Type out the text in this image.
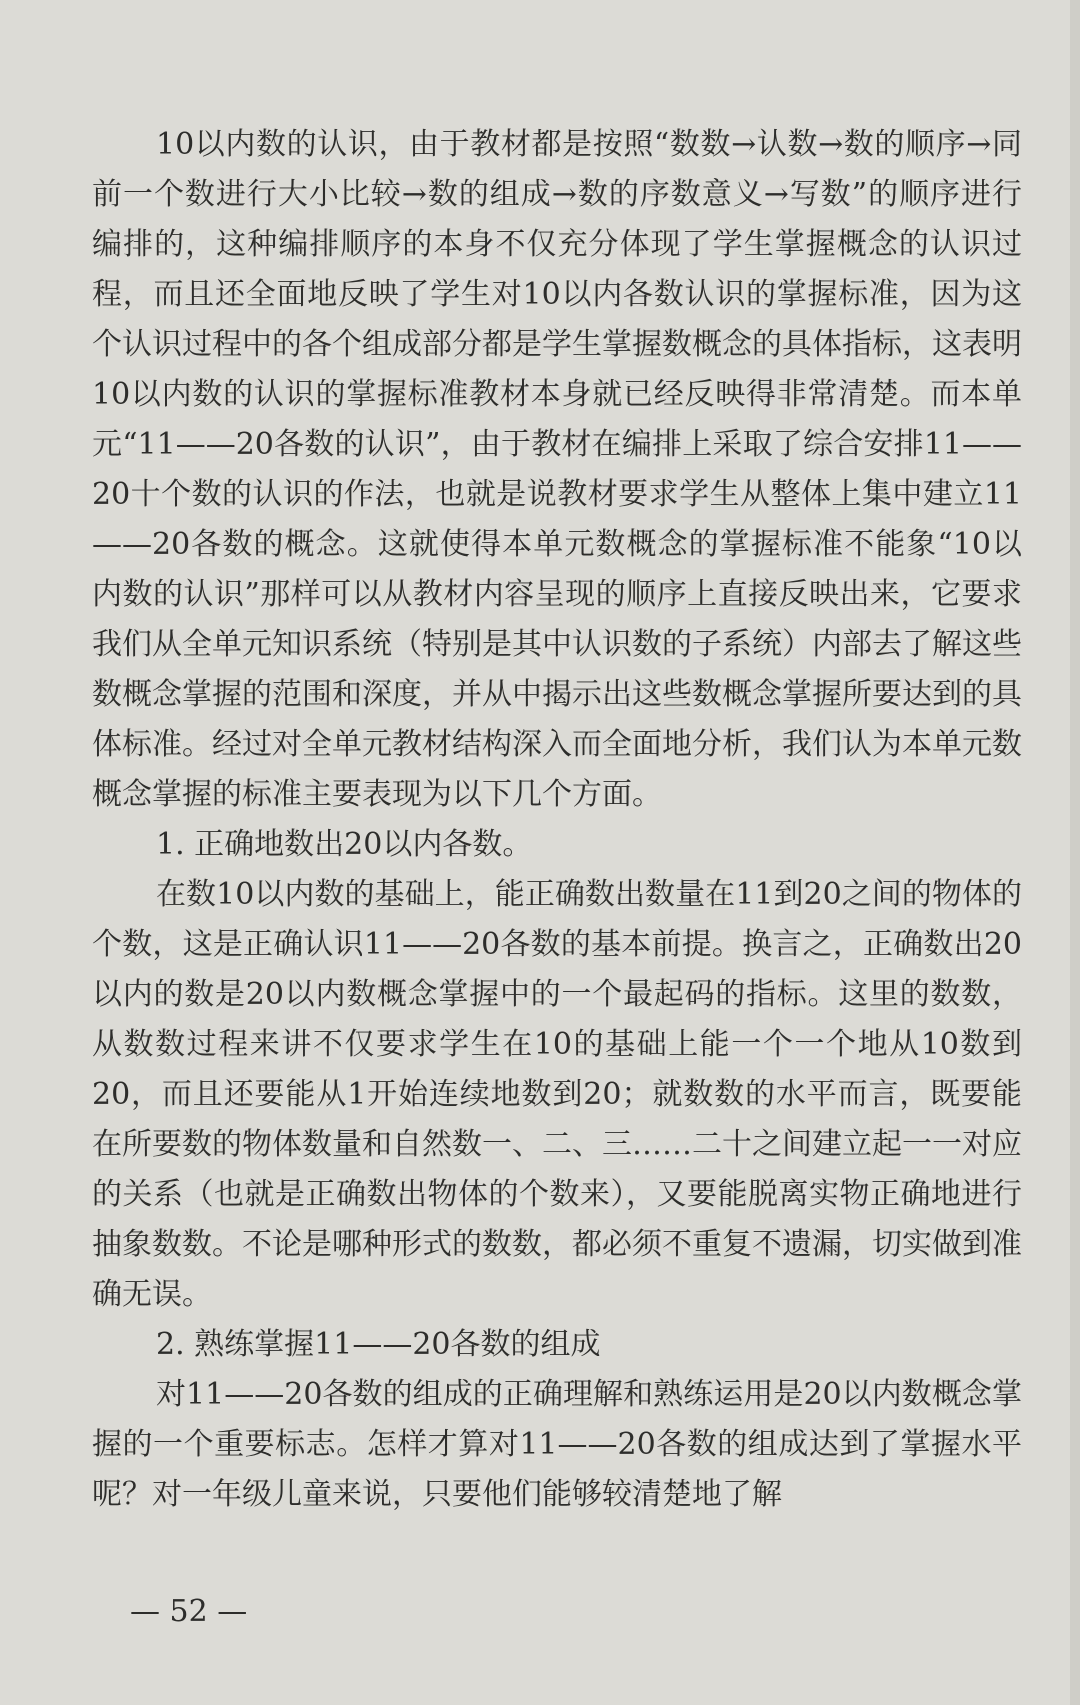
10以内数的认识，由于教材都是按照“数数→认数→数的顺序→同前一个数进行大小比较→数的组成→数的序数意义→写数”的顺序进行编排的，这种编排顺序的本身不仅充分体现了学生掌握概念的认识过程，而且还全面地反映了学生对10以内各数认识的掌握标准，因为这个认识过程中的各个组成部分都是学生掌握数概念的具体指标，这表明10以内数的认识的掌握标准教材本身就已经反映得非常清楚。而本单元“11——20各数的认识”，由于教材在编排上采取了综合安排11——20十个数的认识的作法，也就是说教材要求学生从整体上集中建立11——20各数的概念。这就使得本单元数概念的掌握标准不能象“10以内数的认识”那样可以从教材内容呈现的顺序上直接反映出来，它要求我们从全单元知识系统（特别是其中认识数的子系统）内部去了解这些数概念掌握的范围和深度，并从中揭示出这些数概念掌握所要达到的具体标准。经过对全单元教材结构深入而全面地分析，我们认为本单元数概念掌握的标准主要表现为以下几个方面。

1. 正确地数出20以内各数。

在数10以内数的基础上，能正确数出数量在11到20之间的物体的个数，这是正确认识11——20各数的基本前提。换言之，正确数出20以内的数是20以内数概念掌握中的一个最起码的指标。这里的数数，从数数过程来讲不仅要求学生在10的基础上能一个一个地从10数到20，而且还要能从1开始连续地数到20；就数数的水平而言，既要能在所要数的物体数量和自然数一、二、三……二十之间建立起一一对应的关系（也就是正确数出物体的个数来），又要能脱离实物正确地进行抽象数数。不论是哪种形式的数数，都必须不重复不遗漏，切实做到准确无误。

2. 熟练掌握11——20各数的组成

对11——20各数的组成的正确理解和熟练运用是20以内数概念掌握的一个重要标志。怎样才算对11——20各数的组成达到了掌握水平呢？对一年级儿童来说，只要他们能够较清楚地了解

— 52 —
